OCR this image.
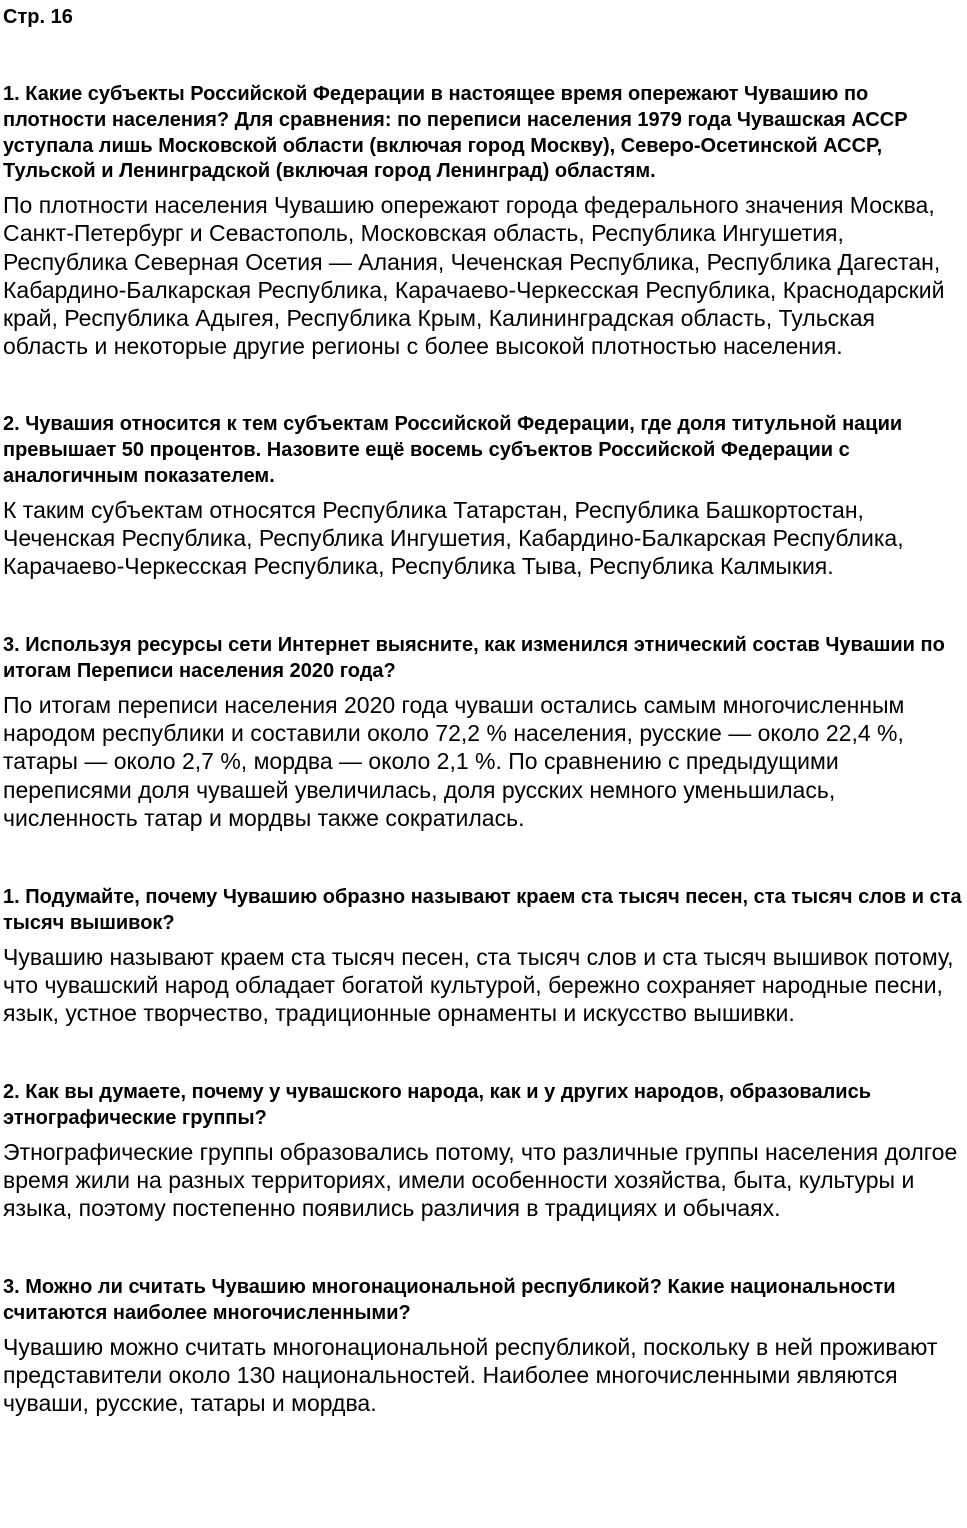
Стр. 16

1. Какие субъекты Российской Федерации в настоящее время опережают Чувашию по плотности населения? Для сравнения: по переписи населения 1979 года Чувашская АССР уступала лишь Московской области (включая город Москву), Северо-Осетинской АССР, Тульской и Ленинградской (включая город Ленинград) областям.

По плотности населения Чувашию опережают города федерального значения Москва, Санкт-Петербург и Севастополь, Московская область, Республика Ингушетия, Республика Северная Осетия — Алания, Чеченская Республика, Республика Дагестан, Кабардино-Балкарская Республика, Карачаево-Черкесская Республика, Краснодарский край, Республика Адыгея, Республика Крым, Калининградская область, Тульская область и некоторые другие регионы с более высокой плотностью населения.

2. Чувашия относится к тем субъектам Российской Федерации, где доля титульной нации превышает 50 процентов. Назовите ещё восемь субъектов Российской Федерации с аналогичным показателем.

К таким субъектам относятся Республика Татарстан, Республика Башкортостан, Чеченская Республика, Республика Ингушетия, Кабардино-Балкарская Республика, Карачаево-Черкесская Республика, Республика Тыва, Республика Калмыкия.

3. Используя ресурсы сети Интернет выясните, как изменился этнический состав Чувашии по итогам Переписи населения 2020 года?

По итогам переписи населения 2020 года чуваши остались самым многочисленным народом республики и составили около 72,2 % населения, русские — около 22,4 %, татары — около 2,7 %, мордва — около 2,1 %. По сравнению с предыдущими переписями доля чувашей увеличилась, доля русских немного уменьшилась, численность татар и мордвы также сократилась.

1. Подумайте, почему Чувашию образно называют краем ста тысяч песен, ста тысяч слов и ста тысяч вышивок?

Чувашию называют краем ста тысяч песен, ста тысяч слов и ста тысяч вышивок потому, что чувашский народ обладает богатой культурой, бережно сохраняет народные песни, язык, устное творчество, традиционные орнаменты и искусство вышивки.

2. Как вы думаете, почему у чувашского народа, как и у других народов, образовались этнографические группы?

Этнографические группы образовались потому, что различные группы населения долгое время жили на разных территориях, имели особенности хозяйства, быта, культуры и языка, поэтому постепенно появились различия в традициях и обычаях.

3. Можно ли считать Чувашию многонациональной республикой? Какие национальности считаются наиболее многочисленными?

Чувашию можно считать многонациональной республикой, поскольку в ней проживают представители около 130 национальностей. Наиболее многочисленными являются чуваши, русские, татары и мордва.
